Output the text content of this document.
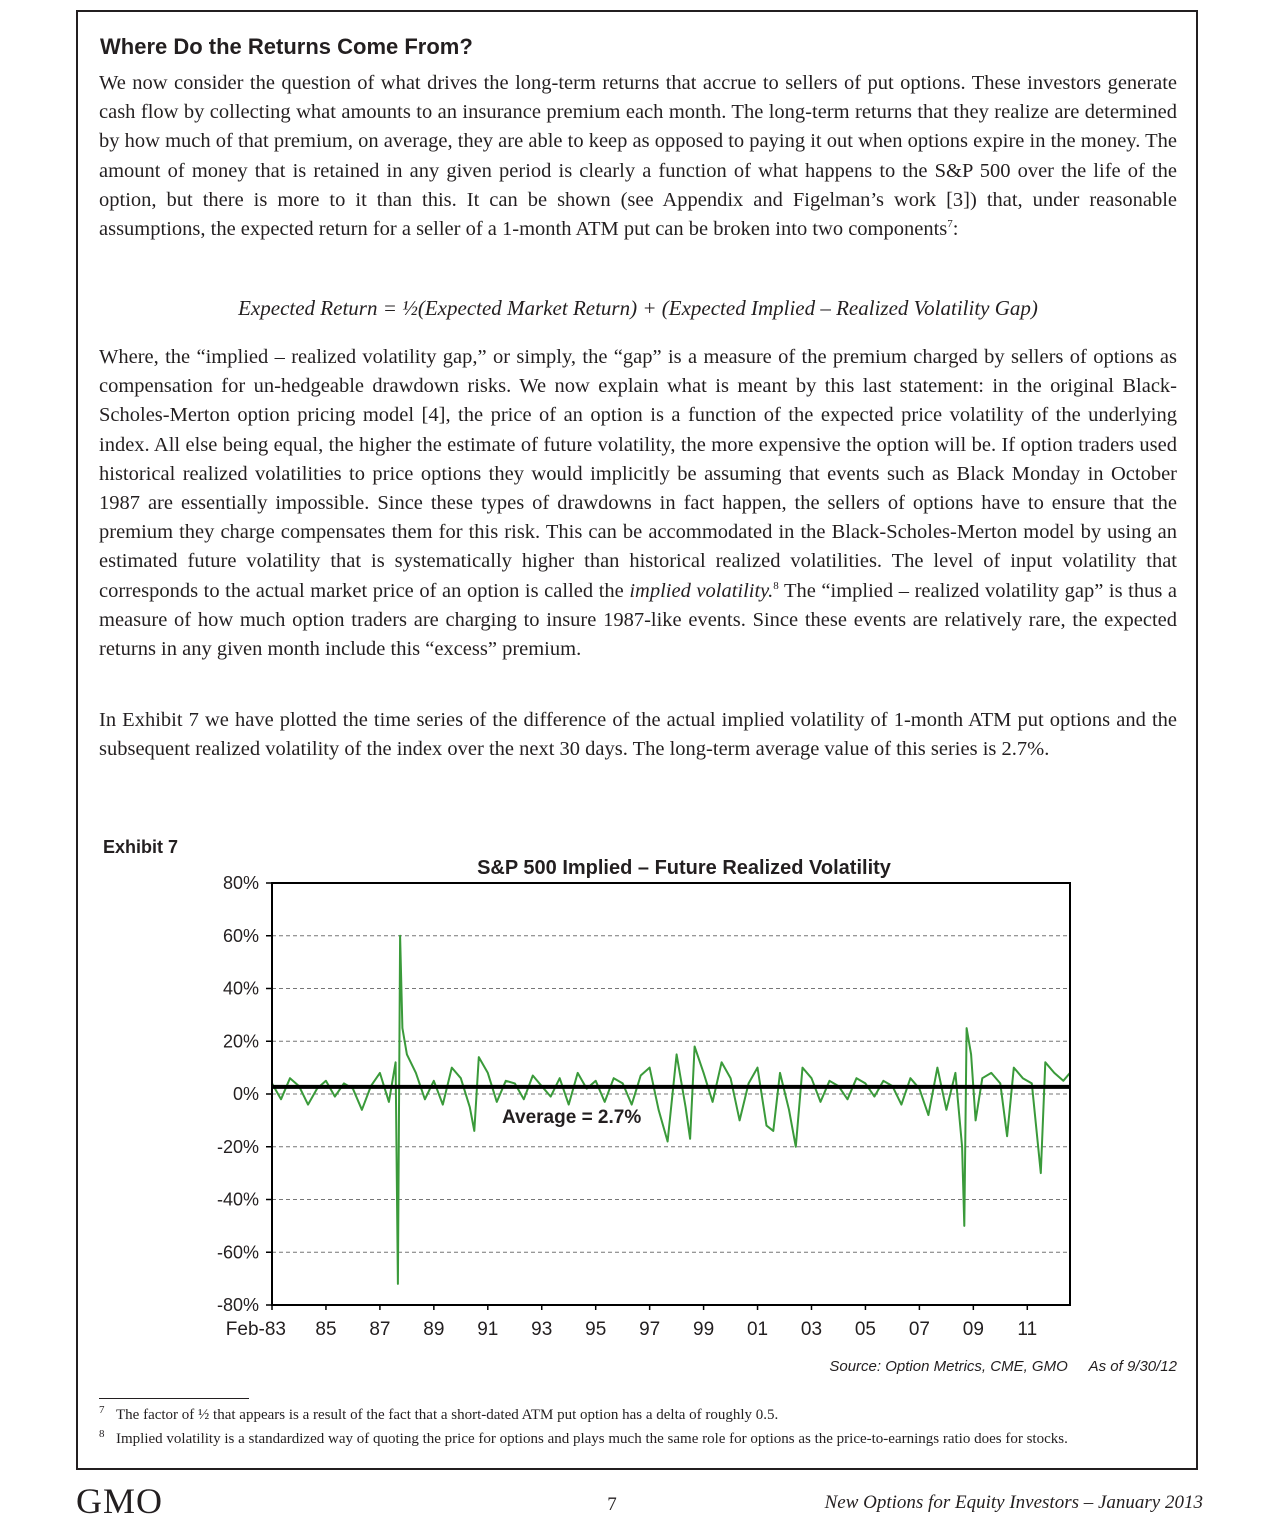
Where Do the Returns Come From?

We now consider the question of what drives the long-term returns that accrue to sellers of put options. These investors generate cash flow by collecting what amounts to an insurance premium each month. The long-term returns that they realize are determined by how much of that premium, on average, they are able to keep as opposed to paying it out when options expire in the money. The amount of money that is retained in any given period is clearly a function of what happens to the S&P 500 over the life of the option, but there is more to it than this. It can be shown (see Appendix and Figelman’s work [3]) that, under reasonable assumptions, the expected return for a seller of a 1-month ATM put can be broken into two components$^7$:

Expected Return = ½(Expected Market Return) + (Expected Implied – Realized Volatility Gap)

Where, the “implied – realized volatility gap,” or simply, the “gap” is a measure of the premium charged by sellers of options as compensation for un-hedgeable drawdown risks. We now explain what is meant by this last statement: in the original Black-Scholes-Merton option pricing model [4], the price of an option is a function of the expected price volatility of the underlying index. All else being equal, the higher the estimate of future volatility, the more expensive the option will be. If option traders used historical realized volatilities to price options they would implicitly be assuming that events such as Black Monday in October 1987 are essentially impossible. Since these types of drawdowns in fact happen, the sellers of options have to ensure that the premium they charge compensates them for this risk. This can be accommodated in the Black-Scholes-Merton model by using an estimated future volatility that is systematically higher than historical realized volatilities. The level of input volatility that corresponds to the actual market price of an option is called the implied volatility.$^8$ The “implied – realized volatility gap” is thus a measure of how much option traders are charging to insure 1987-like events. Since these events are relatively rare, the expected returns in any given month include this “excess” premium.

In Exhibit 7 we have plotted the time series of the difference of the actual implied volatility of 1-month ATM put options and the subsequent realized volatility of the index over the next 30 days. The long-term average value of this series is 2.7%.

Exhibit 7
S&P 500 Implied – Future Realized Volatility
80%
60%
40%
20%
0%
-20%
-40%
-60%
-80%
Feb-83 85 87 89 91 93 95 97 99 01 03 05 07 09 11
Average = 2.7%
Source: Option Metrics, CME, GMO As of 9/30/12
7 The factor of ½ that appears is a result of the fact that a short-dated ATM put option has a delta of roughly 0.5.
8 Implied volatility is a standardized way of quoting the price for options and plays much the same role for options as the price-to-earnings ratio does for stocks.
GMO	7	New Options for Equity Investors – January 2013
